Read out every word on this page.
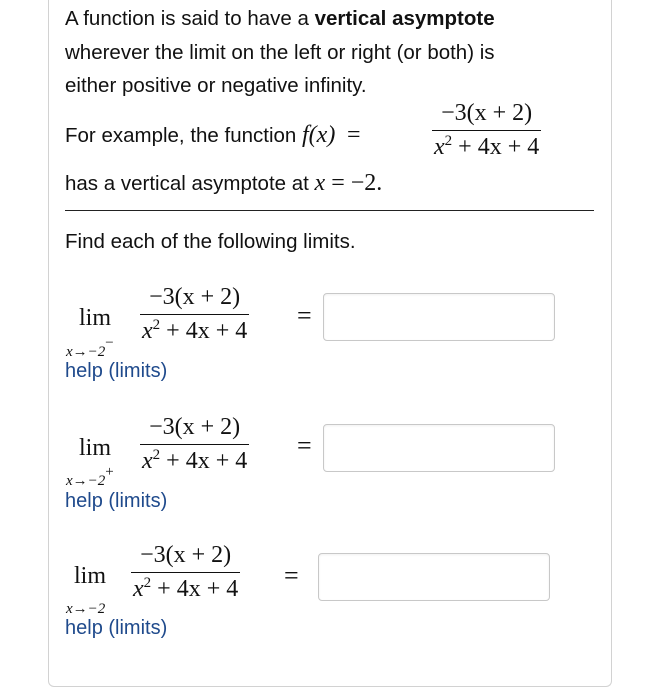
A function is said to have a vertical asymptote
wherever the limit on the left or right (or both) is
either positive or negative infinity.
For example, the function f(x) =	$\frac{-3(x + 2)}{x^2 + 4x + 4}$
has a vertical asymptote at x = −2.
Find each of the following limits.
lim
$x\to-2^- \frac{-3(x + 2)}{x^2 + 4x + 4}$ =
help (limits)
lim
$x\to-2^+ \frac{-3(x + 2)}{x^2 + 4x + 4}$ =
help (limits)
lim
x→−2
$\frac{-3(x + 2)}{x^2 + 4x + 4}$ =
help (limits)
